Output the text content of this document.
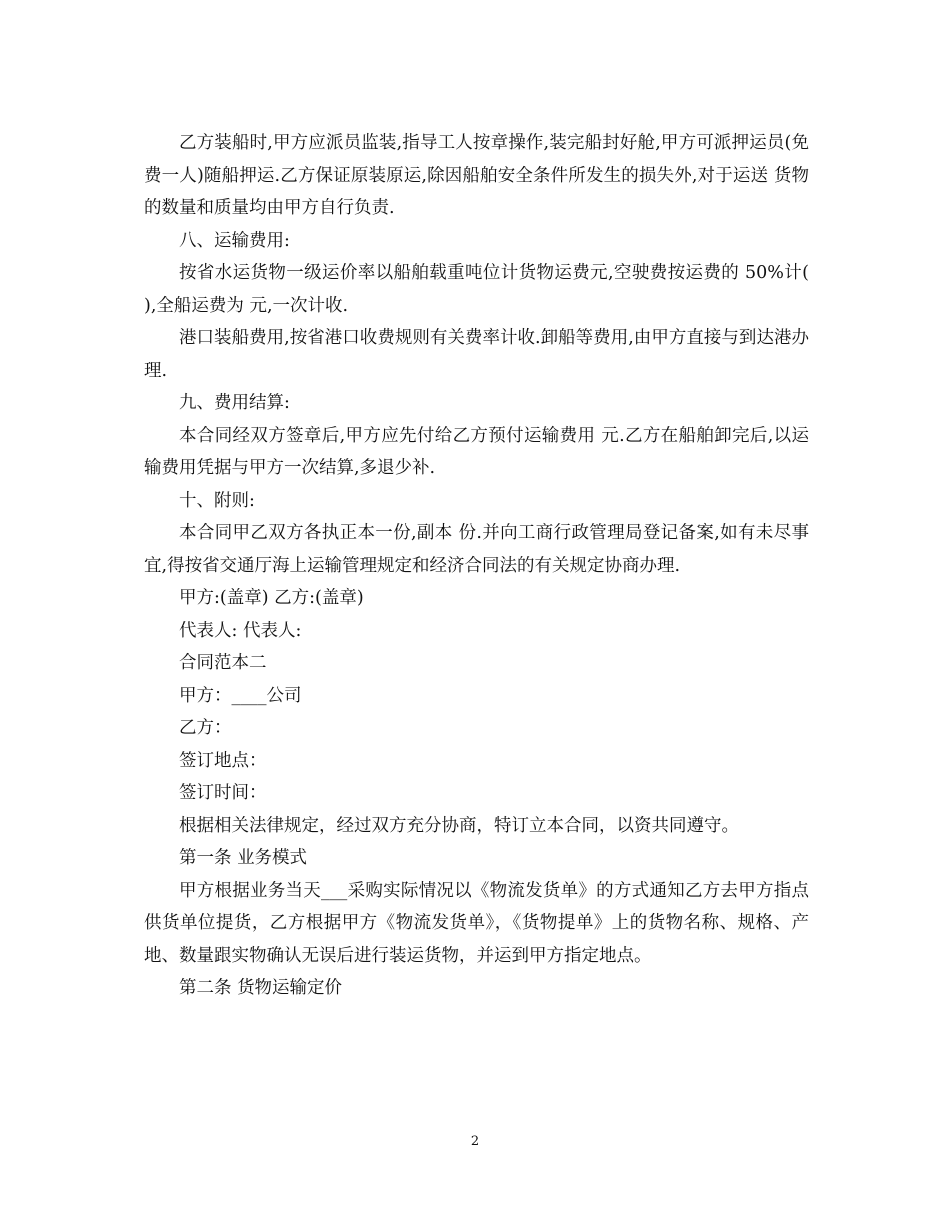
乙方装船时,甲方应派员监装,指导工人按章操作,装完船封好舱,甲方可派押运员(免费一人)随船押运.乙方保证原装原运,除因船舶安全条件所发生的损失外,对于运送 货物的数量和质量均由甲方自行负责.

八、运输费用:

按省水运货物一级运价率以船舶载重吨位计货物运费元,空驶费按运费的 50%计( ),全船运费为 元,一次计收.

港口装船费用,按省港口收费规则有关费率计收.卸船等费用,由甲方直接与到达港办理.

九、费用结算:

本合同经双方签章后,甲方应先付给乙方预付运输费用 元.乙方在船舶卸完后,以运输费用凭据与甲方一次结算,多退少补.

十、附则:

本合同甲乙双方各执正本一份,副本 份.并向工商行政管理局登记备案,如有未尽事宜,得按省交通厅海上运输管理规定和经济合同法的有关规定协商办理.

甲方:(盖章) 乙方:(盖章)

代表人: 代表人:

合同范本二

甲方：____公司

乙方：

签订地点：

签订时间：

根据相关法律规定，经过双方充分协商，特订立本合同，以资共同遵守。

第一条 业务模式

甲方根据业务当天___采购实际情况以《物流发货单》的方式通知乙方去甲方指点供货单位提货，乙方根据甲方《物流发货单》，《货物提单》上的货物名称、规格、产地、数量跟实物确认无误后进行装运货物，并运到甲方指定地点。

第二条 货物运输定价

2
